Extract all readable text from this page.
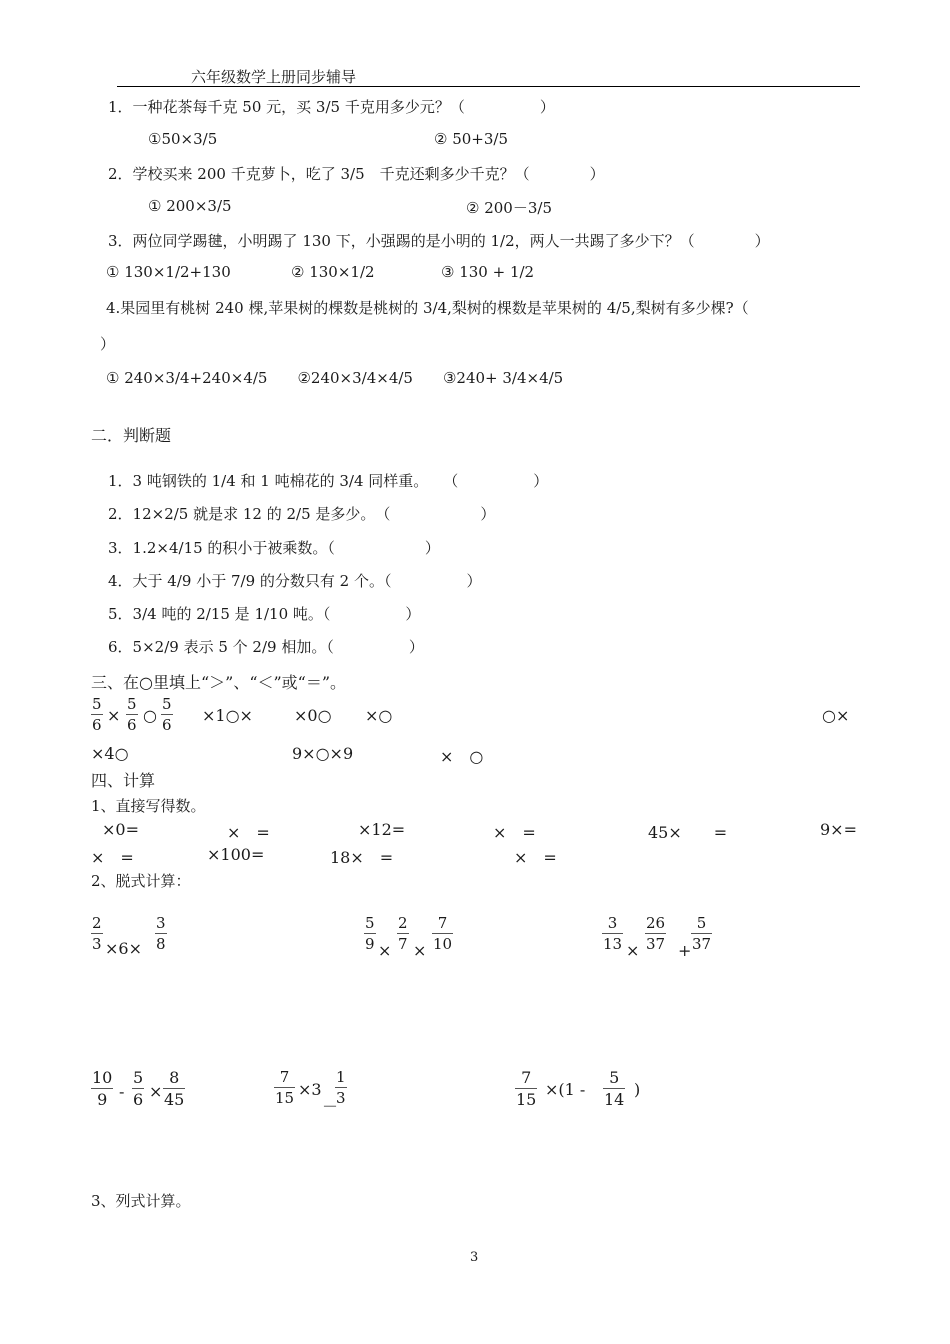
六年级数学上册同步辅导
1．一种花茶每千克 50 元，买 3/5 千克用多少元？（　　　　　）
①50×3/5	② 50+3/5
2．学校买来 200 千克萝卜，吃了 3/5　千克还剩多少千克？（　　　　）
① 200×3/5	② 200－3/5
3．两位同学踢毽，小明踢了 130 下，小强踢的是小明的 1/2，两人一共踢了多少下？（　　　　）
① 130×1/2+130	② 130×1/2	③ 130 + 1/2
4.果园里有桃树 240 棵,苹果树的棵数是桃树的 3/4,梨树的棵数是苹果树的 4/5,梨树有多少棵?（
）
① 240×3/4+240×4/5　　②240×3/4×4/5　　③240+ 3/4×4/5
二．判断题
1．3 吨钢铁的 1/4 和 1 吨棉花的 3/4 同样重。　　（　　　　　）
2．12×2/5 就是求 12 的 2/5 是多少。　（　　　　　　）
3．1.2×4/15 的积小于被乘数。（　　　　　　）
4．大于 4/9 小于 7/9 的分数只有 2 个。（　　　　　）
5．3/4 吨的 2/15 是 1/10 吨。（　　　　　）
6．5×2/9 表示 5 个 2/9 相加。（　　　　　）
三、在○里填上“＞”、“＜”或“＝”。
5
6 ×
5
6 ○
5
6 ×1○×	×0○ ×○	○×
×4○	9×○×9	×　○
四、计算
1、直接写得数。
×0=	×　=	×12=	×　=	45×　　=	9×=
×　=	×100=	18×　=	×　=
2、脱式计算：
2
3 ×6×
3
8
5
9 ×
2
7 ×
7
10
3
13 ×
26
37 +
5
37
10
9 -
5
6 ×
8
45
7
15 ×3
－
1
3
7
15
×(1 -
5
14
)
3、列式计算。
3
